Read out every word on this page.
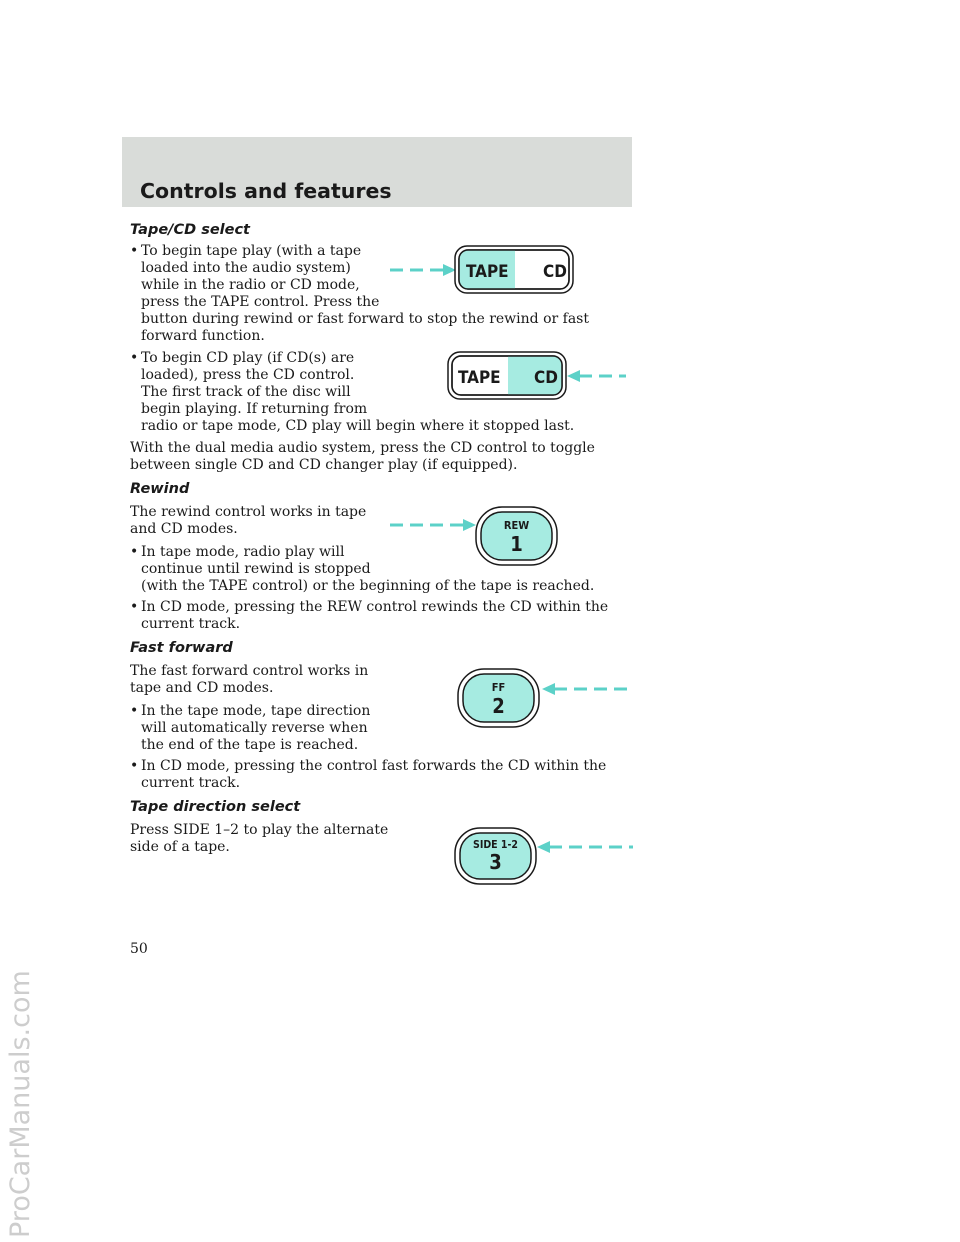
Controls and features
Tape/CD select
• To begin tape play (with a tape
loaded into the audio system)
while in the radio or CD mode,
press the TAPE control. Press the
button during rewind or fast forward to stop the rewind or fast
forward function.
• To begin CD play (if CD(s) are
loaded), press the CD control.
The first track of the disc will
begin playing. If returning from
radio or tape mode, CD play will begin where it stopped last.
With the dual media audio system, press the CD control to toggle
between single CD and CD changer play (if equipped).
Rewind
The rewind control works in tape
and CD modes.
• In tape mode, radio play will
continue until rewind is stopped
(with the TAPE control) or the beginning of the tape is reached.
• In CD mode, pressing the REW control rewinds the CD within the
current track.
Fast forward
The fast forward control works in
tape and CD modes.
• In the tape mode, tape direction
will automatically reverse when
the end of the tape is reached.
• In CD mode, pressing the control fast forwards the CD within the
current track.
Tape direction select
Press SIDE 1–2 to play the alternate
side of a tape.
TAPE CD
TAPE CD
REW
1
FF
2
SIDE 1-2
3
50
ProCarManuals.com
